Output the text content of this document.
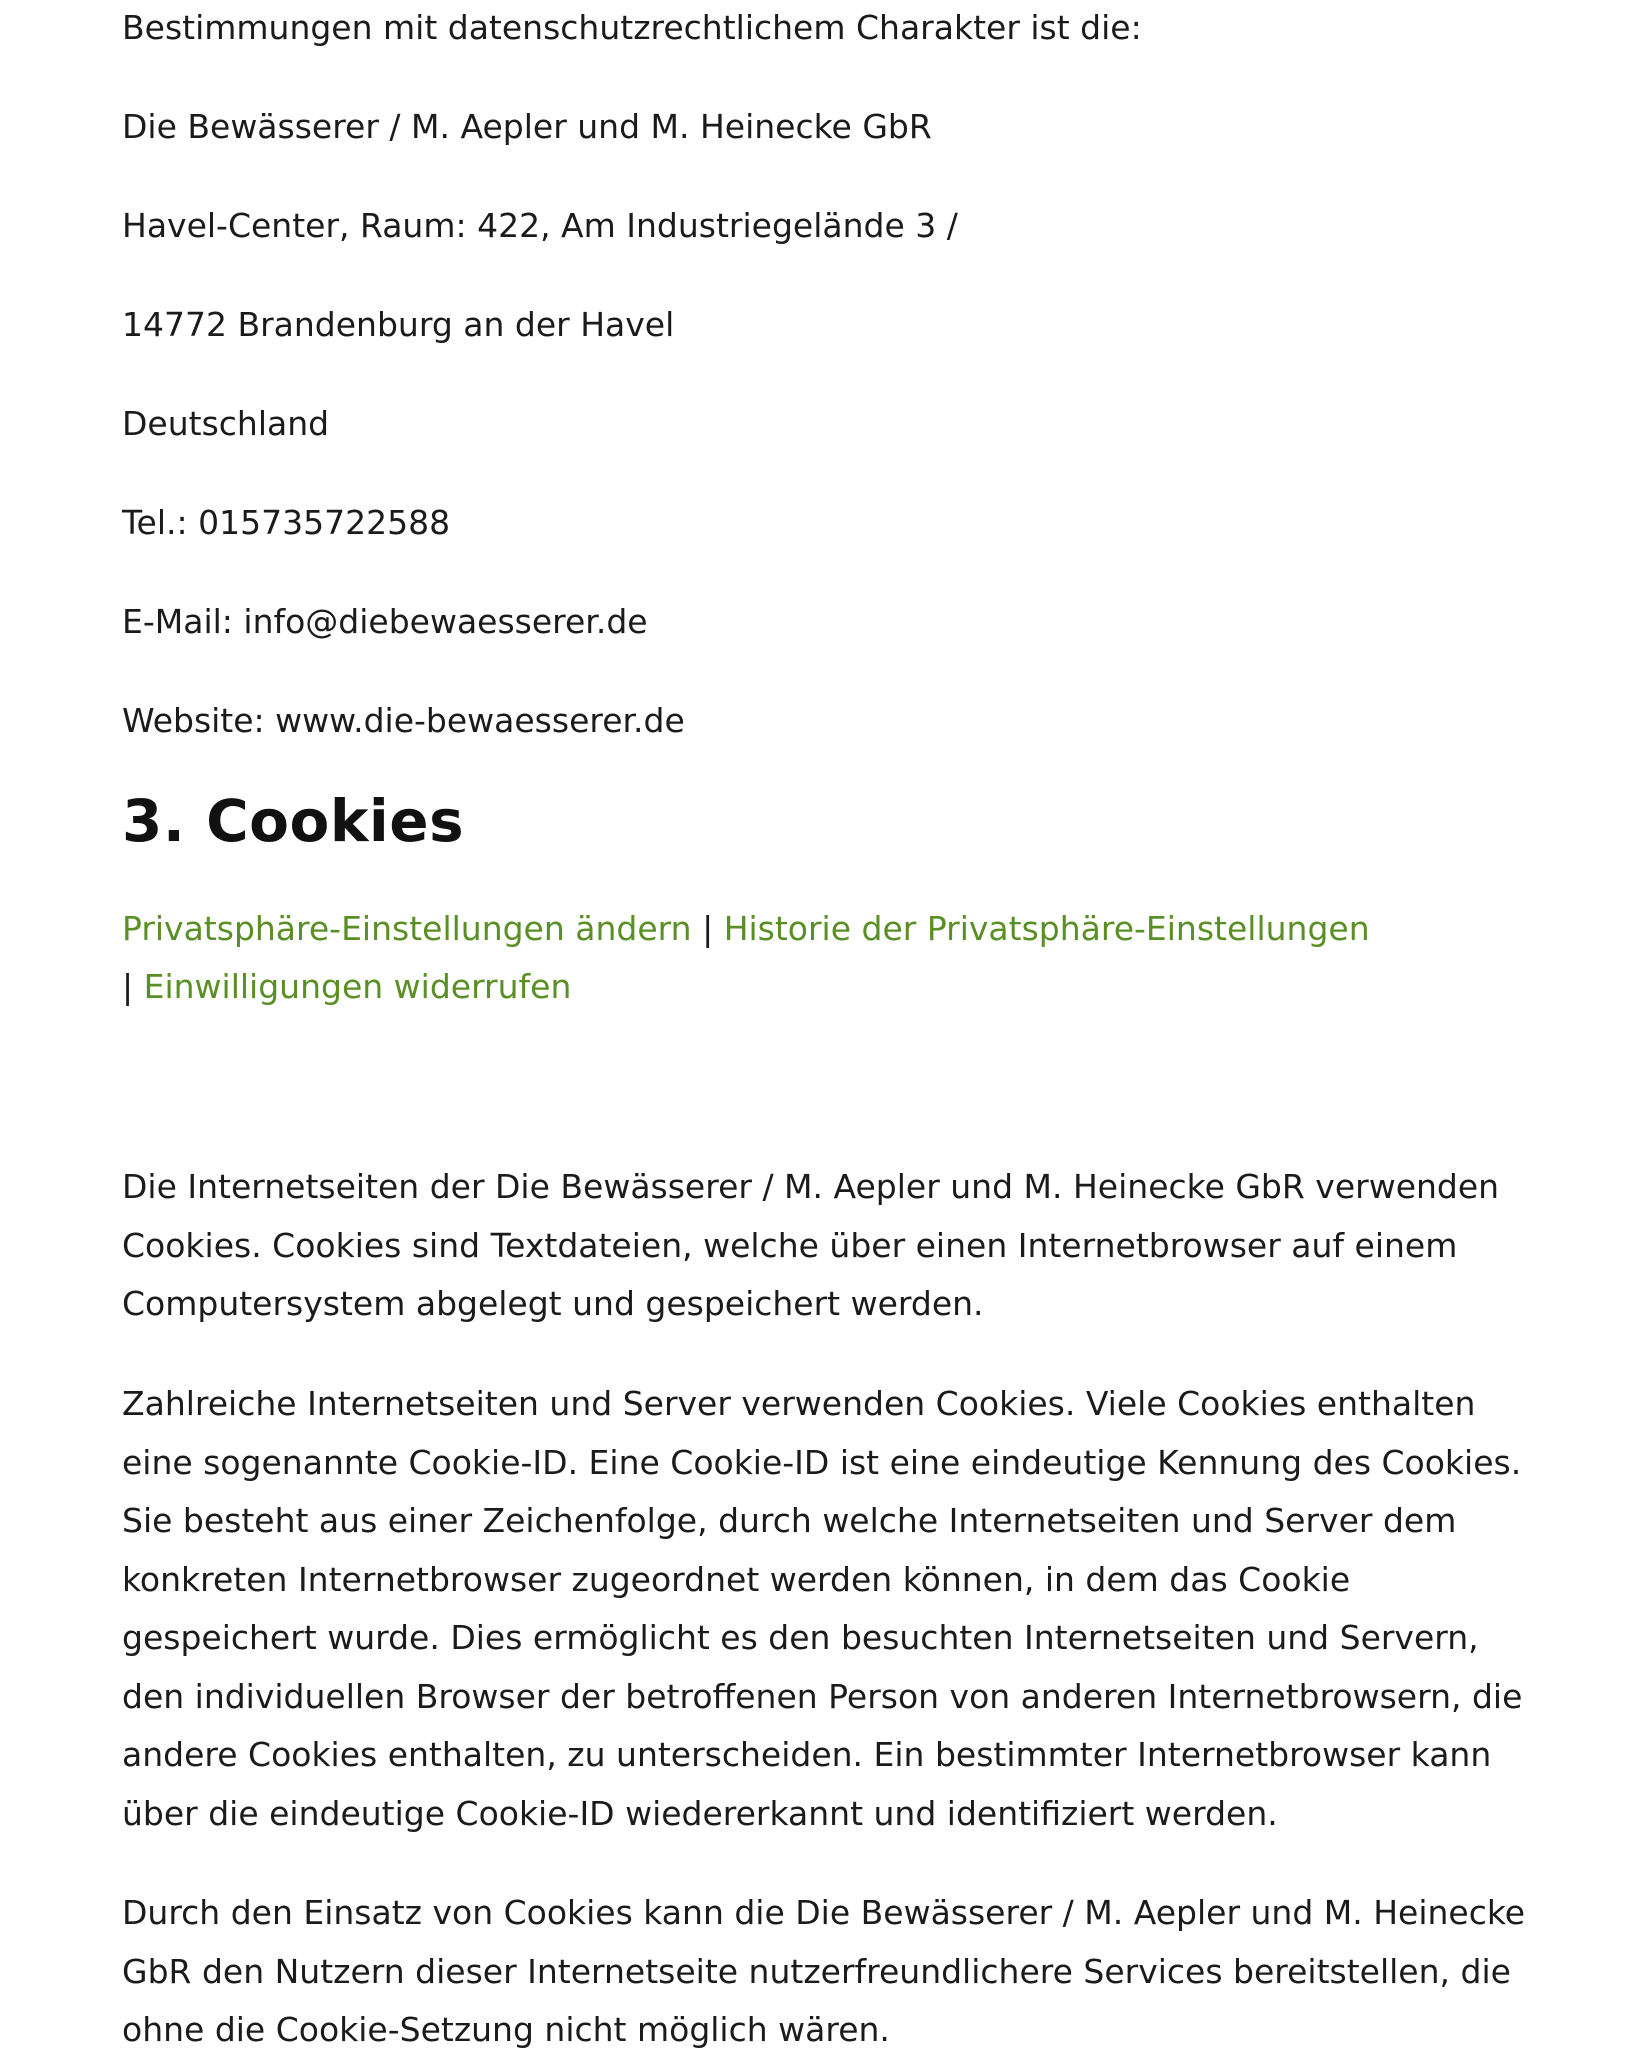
Bestimmungen mit datenschutzrechtlichem Charakter ist die:

Die Bewässerer / M. Aepler und M. Heinecke GbR

Havel-Center, Raum: 422, Am Industriegelände 3 /

14772 Brandenburg an der Havel

Deutschland

Tel.: 015735722588

E-Mail: info@diebewaesserer.de

Website: www.die-bewaesserer.de

3. Cookies
Privatsphäre-Einstellungen ändern | Historie der Privatsphäre-Einstellungen
| Einwilligungen widerrufen

Die Internetseiten der Die Bewässerer / M. Aepler und M. Heinecke GbR verwenden Cookies. Cookies sind Textdateien, welche über einen Internetbrowser auf einem Computersystem abgelegt und gespeichert werden.

Zahlreiche Internetseiten und Server verwenden Cookies. Viele Cookies enthalten eine sogenannte Cookie-ID. Eine Cookie-ID ist eine eindeutige Kennung des Cookies. Sie besteht aus einer Zeichenfolge, durch welche Internetseiten und Server dem konkreten Internetbrowser zugeordnet werden können, in dem das Cookie gespeichert wurde. Dies ermöglicht es den besuchten Internetseiten und Servern, den individuellen Browser der betroffenen Person von anderen Internetbrowsern, die andere Cookies enthalten, zu unterscheiden. Ein bestimmter Internetbrowser kann über die eindeutige Cookie-ID wiedererkannt und identifiziert werden.

Durch den Einsatz von Cookies kann die Die Bewässerer / M. Aepler und M. Heinecke GbR den Nutzern dieser Internetseite nutzerfreundlichere Services bereitstellen, die ohne die Cookie-Setzung nicht möglich wären.
